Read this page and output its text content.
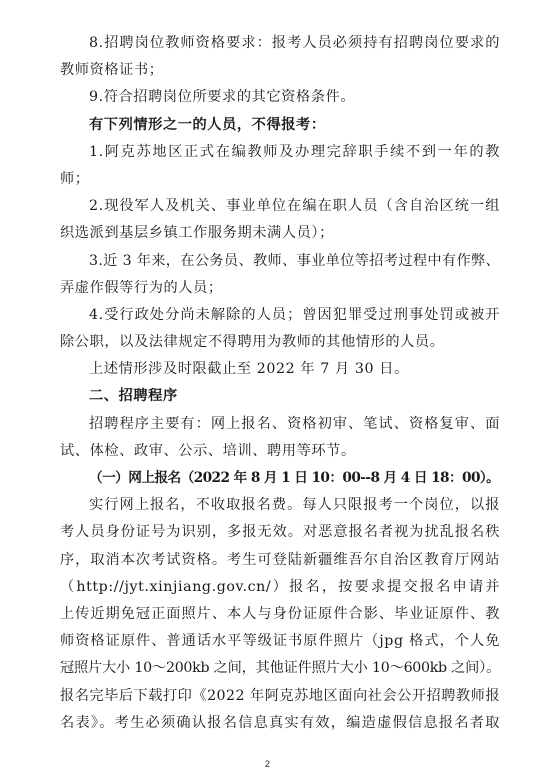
8.招聘岗位教师资格要求：报考人员必须持有招聘岗位要求的
教师资格证书；
9.符合招聘岗位所要求的其它资格条件。
有下列情形之一的人员，不得报考：
1.阿克苏地区正式在编教师及办理完辞职手续不到一年的教
师；
2.现役军人及机关、事业单位在编在职人员（含自治区统一组
织选派到基层乡镇工作服务期未满人员）；
3.近 3 年来，在公务员、教师、事业单位等招考过程中有作弊、
弄虚作假等行为的人员；
4.受行政处分尚未解除的人员；曾因犯罪受过刑事处罚或被开
除公职，以及法律规定不得聘用为教师的其他情形的人员。
上述情形涉及时限截止至 2022 年 7 月 30 日。
二、招聘程序
招聘程序主要有：网上报名、资格初审、笔试、资格复审、面
试、体检、政审、公示、培训、聘用等环节。
（一）网上报名（2022 年 8 月 1 日 10：00--8 月 4 日 18：00）。
实行网上报名，不收取报名费。每人只限报考一个岗位，以报
考人员身份证号为识别，多报无效。对恶意报名者视为扰乱报名秩
序，取消本次考试资格。考生可登陆新疆维吾尔自治区教育厅网站
（http://jyt.xinjiang.gov.cn/）报名，按要求提交报名申请并
上传近期免冠正面照片、本人与身份证原件合影、毕业证原件、教
师资格证原件、普通话水平等级证书原件照片（jpg 格式，个人免
冠照片大小 10～200kb 之间，其他证件照片大小 10～600kb 之间）。
报名完毕后下载打印《2022 年阿克苏地区面向社会公开招聘教师报
名表》。考生必须确认报名信息真实有效，编造虚假信息报名者取
2
